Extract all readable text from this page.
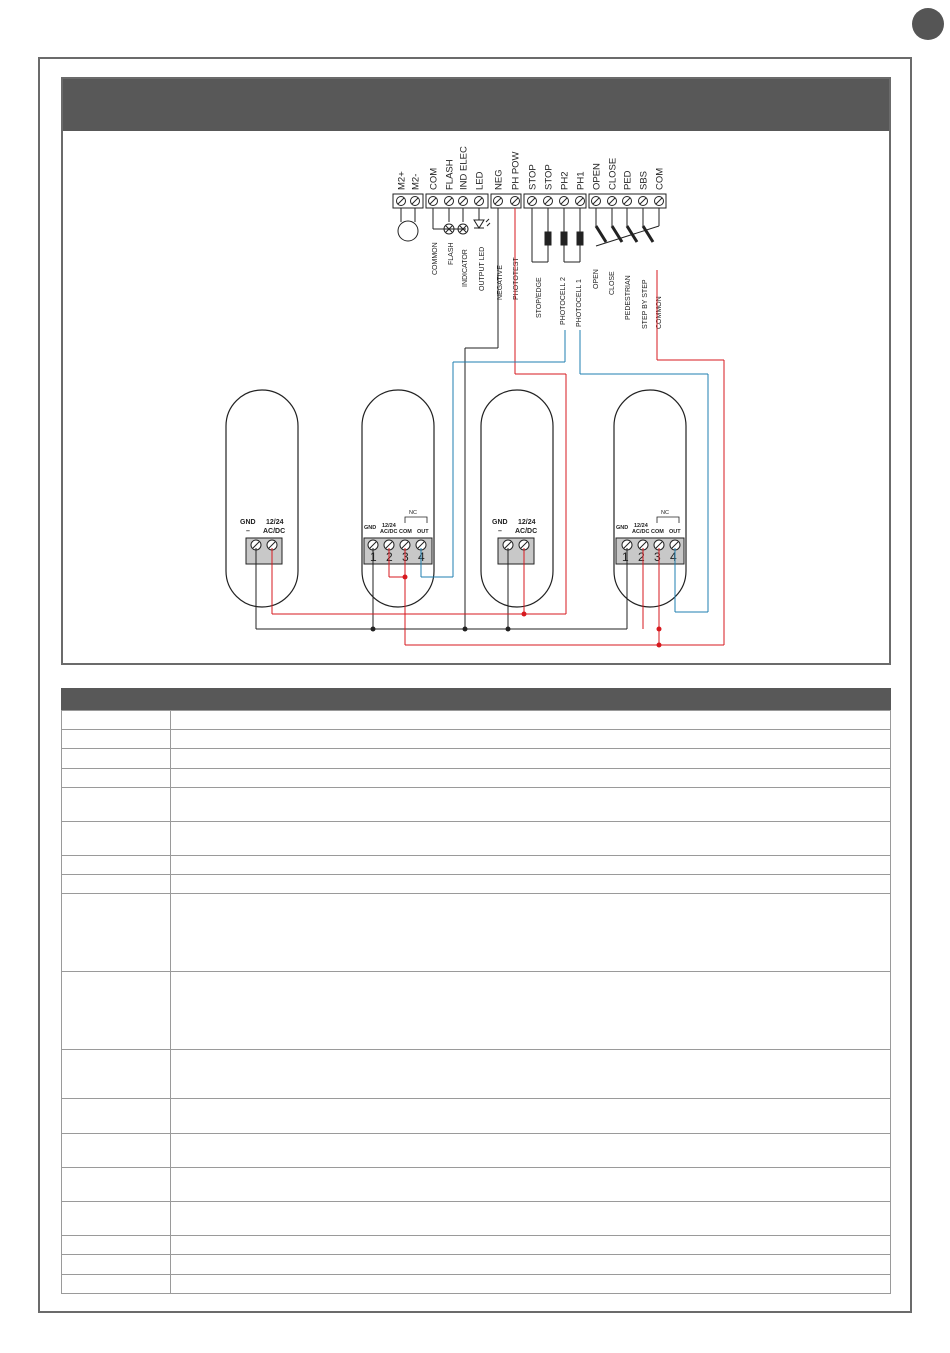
M2+ M2- COM FLASH IND ELEC LED NEG PH POW STOP STOP PH2 PH1 OPEN CLOSE PED SBS COM
COMMON FLASH INDICATOR OUTPUT LED NEGATIVE PHOTOTEST STOP/EDGE PHOTOCELL 2 PHOTOCELL 1
OPEN CLOSE PEDESTRIAN STEP BY STEP COMMON
GND 12/24
– AC/DC
GND 12/24
– AC/DC
GND 12/24
AC/DC COM OUT
NC
1 2 3 4
GND 12/24
AC/DC COM OUT
NC
1 2 3 4
